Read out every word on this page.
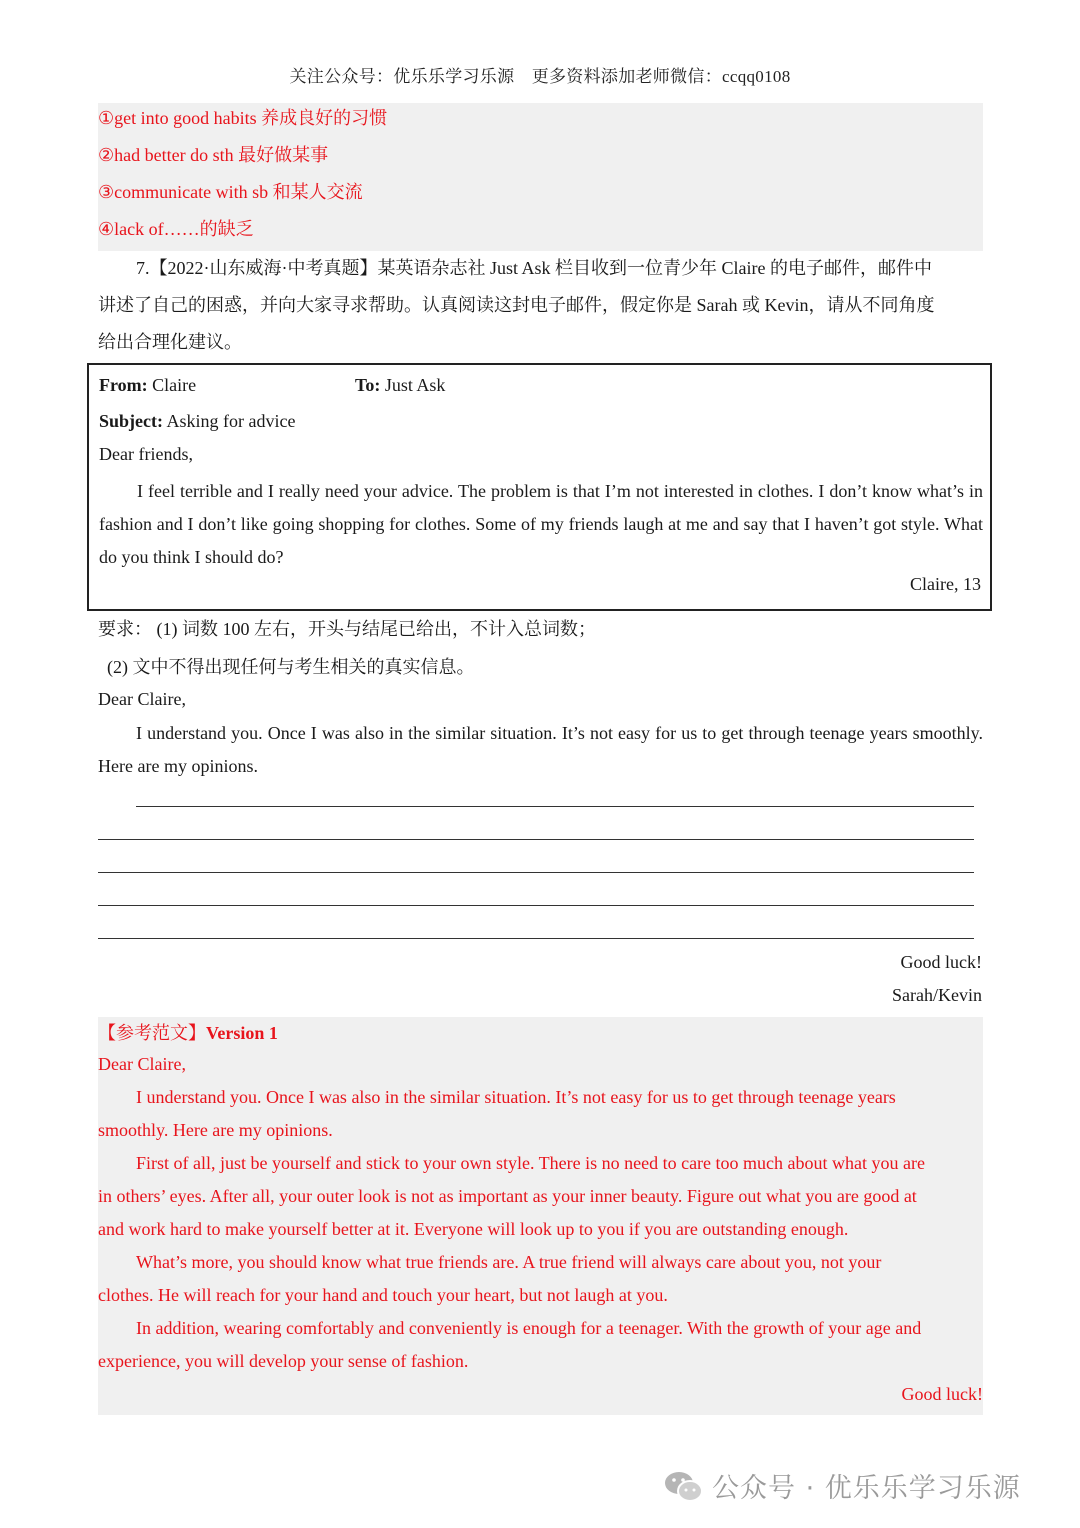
关注公众号：优乐乐学习乐源　更多资料添加老师微信：ccqq0108
①get into good habits 养成良好的习惯
②had better do sth 最好做某事
③communicate with sb 和某人交流
④lack of……的缺乏
7.【2022·山东威海·中考真题】某英语杂志社 Just Ask 栏目收到一位青少年 Claire 的电子邮件，邮件中
讲述了自己的困惑，并向大家寻求帮助。认真阅读这封电子邮件，假定你是 Sarah 或 Kevin，请从不同角度
给出合理化建议。
From: Claire	To: Just Ask
Subject: Asking for advice
Dear friends,
I feel terrible and I really need your advice. The problem is that I’m not interested in clothes. I don’t know what’s in fashion and I don’t like going shopping for clothes. Some of my friends laugh at me and say that I haven’t got style. What do you think I should do?
Claire, 13
要求： (1) 词数 100 左右，开头与结尾已给出，不计入总词数；
(2) 文中不得出现任何与考生相关的真实信息。
Dear Claire,
I understand you. Once I was also in the similar situation. It’s not easy for us to get through teenage years smoothly. Here are my opinions.
Good luck!
Sarah/Kevin
【参考范文】Version 1
Dear Claire,
I understand you. Once I was also in the similar situation. It’s not easy for us to get through teenage years
smoothly. Here are my opinions.
First of all, just be yourself and stick to your own style. There is no need to care too much about what you are
in others’ eyes. After all, your outer look is not as important as your inner beauty. Figure out what you are good at
and work hard to make yourself better at it. Everyone will look up to you if you are outstanding enough.
What’s more, you should know what true friends are. A true friend will always care about you, not your
clothes. He will reach for your hand and touch your heart, but not laugh at you.
In addition, wearing comfortably and conveniently is enough for a teenager. With the growth of your age and
experience, you will develop your sense of fashion.
Good luck!
公众号 · 优乐乐学习乐源
